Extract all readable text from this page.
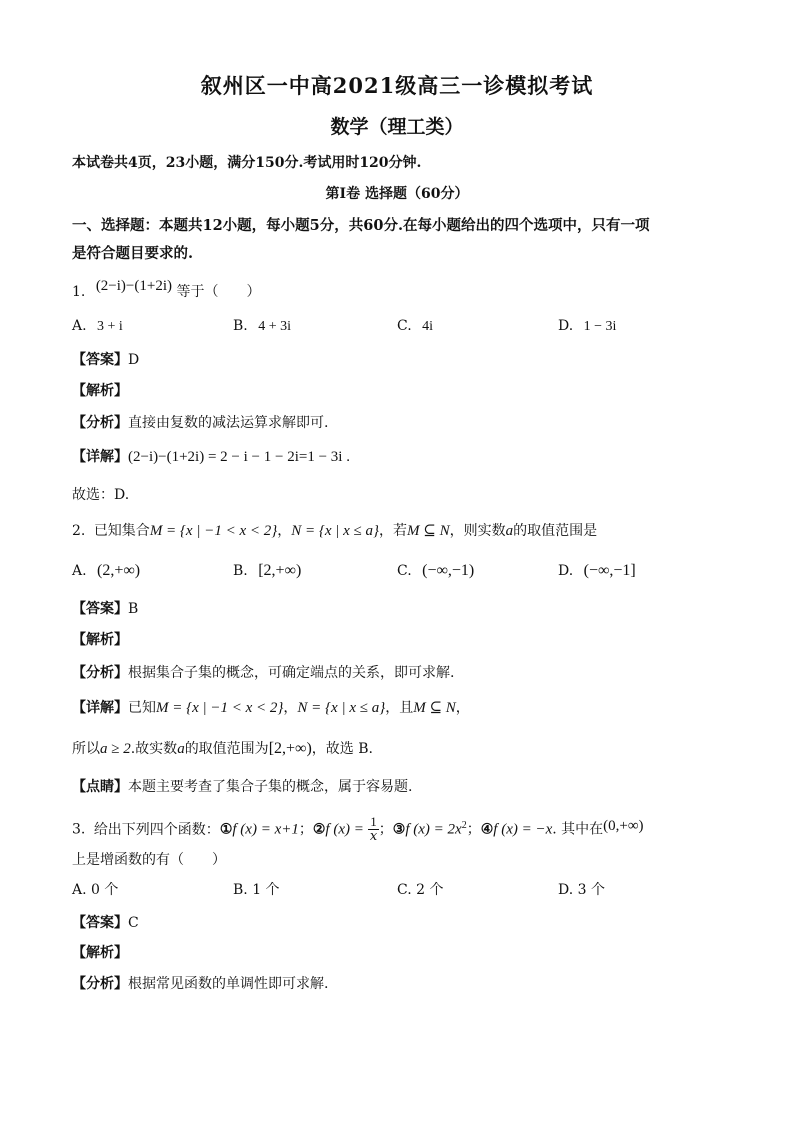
叙州区一中高2021级高三一诊模拟考试
数学（理工类）
本试卷共4页，23小题，满分150分.考试用时120分钟.
第Ⅰ卷 选择题（60分）
一、选择题：本题共12小题，每小题5分，共60分.在每小题给出的四个选项中，只有一项
是符合题目要求的.
1. (2−i)−(1+2i) 等于（　　）
A. 3 + i	B. 4 + 3i	C. 4i	D. 1 − 3i
【答案】D
【解析】
【分析】直接由复数的减法运算求解即可.
【详解】(2−i)−(1+2i) = 2 − i − 1 − 2i=1 − 3i .
故选：D.
2. 已知集合M = {x | −1 < x < 2}，N = {x | x ≤ a}，若M ⊆ N，则实数a的取值范围是
A. (2,+∞)	B. [2,+∞)	C. (−∞,−1)	D. (−∞,−1]
【答案】B
【解析】
【分析】根据集合子集的概念，可确定端点的关系，即可求解.
【详解】已知M = {x | −1 < x < 2}，N = {x | x ≤ a}，且M ⊆ N，
所以a ≥ 2.故实数a的取值范围为[2,+∞)，故选 B.
【点睛】本题主要考查了集合子集的概念，属于容易题.
3. 给出下列四个函数：①f (x) = x+1；②f $(x) = \frac{1}{x}$ ；③f $(x) = 2x^2$；④f (x) = −x. 其中在(0,+∞)
上是增函数的有（　　）
A. 0 个	B. 1 个	C. 2 个	D. 3 个
【答案】C
【解析】
【分析】根据常见函数的单调性即可求解.
